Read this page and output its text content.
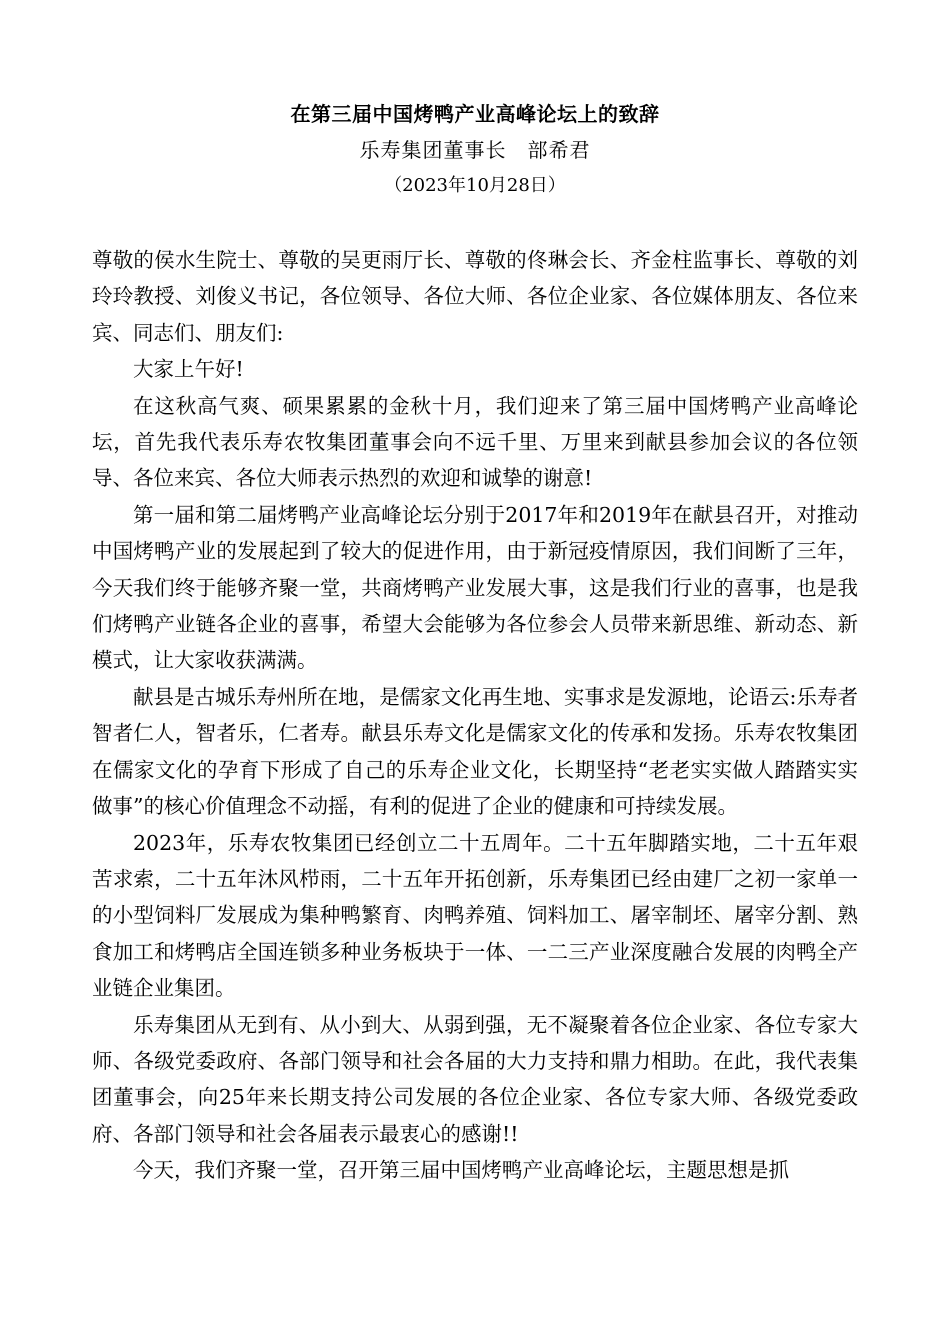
在第三届中国烤鸭产业高峰论坛上的致辞
乐寿集团董事长　部希君
（2023年10月28日）

尊敬的侯水生院士、尊敬的吴更雨厅长、尊敬的佟琳会长、齐金柱监事长、尊敬的刘玲玲教授、刘俊义书记，各位领导、各位大师、各位企业家、各位媒体朋友、各位来宾、同志们、朋友们:

大家上午好!

在这秋高气爽、硕果累累的金秋十月，我们迎来了第三届中国烤鸭产业高峰论坛，首先我代表乐寿农牧集团董事会向不远千里、万里来到献县参加会议的各位领导、各位来宾、各位大师表示热烈的欢迎和诚挚的谢意!

第一届和第二届烤鸭产业高峰论坛分别于2017年和2019年在献县召开，对推动中国烤鸭产业的发展起到了较大的促进作用，由于新冠疫情原因，我们间断了三年，今天我们终于能够齐聚一堂，共商烤鸭产业发展大事，这是我们行业的喜事，也是我们烤鸭产业链各企业的喜事，希望大会能够为各位参会人员带来新思维、新动态、新模式，让大家收获满满。

献县是古城乐寿州所在地，是儒家文化再生地、实事求是发源地，论语云:乐寿者智者仁人，智者乐，仁者寿。献县乐寿文化是儒家文化的传承和发扬。乐寿农牧集团在儒家文化的孕育下形成了自己的乐寿企业文化，长期坚持“老老实实做人踏踏实实做事”的核心价值理念不动摇，有利的促进了企业的健康和可持续发展。

2023年，乐寿农牧集团已经创立二十五周年。二十五年脚踏实地，二十五年艰苦求索，二十五年沐风栉雨，二十五年开拓创新，乐寿集团已经由建厂之初一家单一的小型饲料厂发展成为集种鸭繁育、肉鸭养殖、饲料加工、屠宰制坯、屠宰分割、熟食加工和烤鸭店全国连锁多种业务板块于一体、一二三产业深度融合发展的肉鸭全产业链企业集团。

乐寿集团从无到有、从小到大、从弱到强，无不凝聚着各位企业家、各位专家大师、各级党委政府、各部门领导和社会各届的大力支持和鼎力相助。在此，我代表集团董事会，向25年来长期支持公司发展的各位企业家、各位专家大师、各级党委政府、各部门领导和社会各届表示最衷心的感谢!!

今天，我们齐聚一堂，召开第三届中国烤鸭产业高峰论坛，主题思想是抓
